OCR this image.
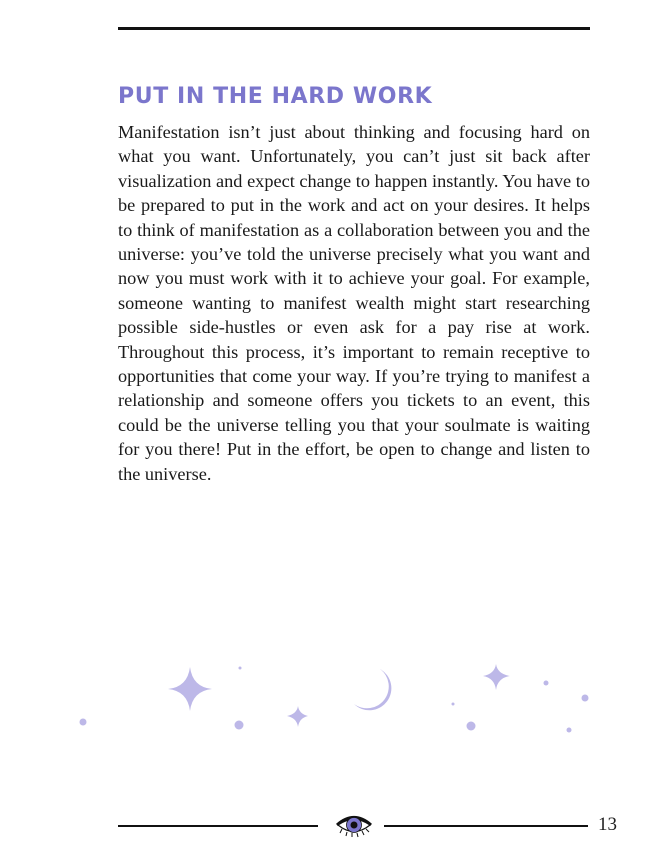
PUT IN THE HARD WORK

Manifestation isn’t just about thinking and focusing hard on what you want. Unfortunately, you can’t just sit back after visualization and expect change to happen instantly. You have to be prepared to put in the work and act on your desires. It helps to think of manifestation as a collaboration between you and the universe: you’ve told the universe precisely what you want and now you must work with it to achieve your goal. For example, someone wanting to manifest wealth might start researching possible side-hustles or even ask for a pay rise at work. Throughout this process, it’s important to remain receptive to opportunities that come your way. If you’re trying to manifest a relationship and someone offers you tickets to an event, this could be the universe telling you that your soulmate is waiting for you there! Put in the effort, be open to change and listen to the universe.

13
